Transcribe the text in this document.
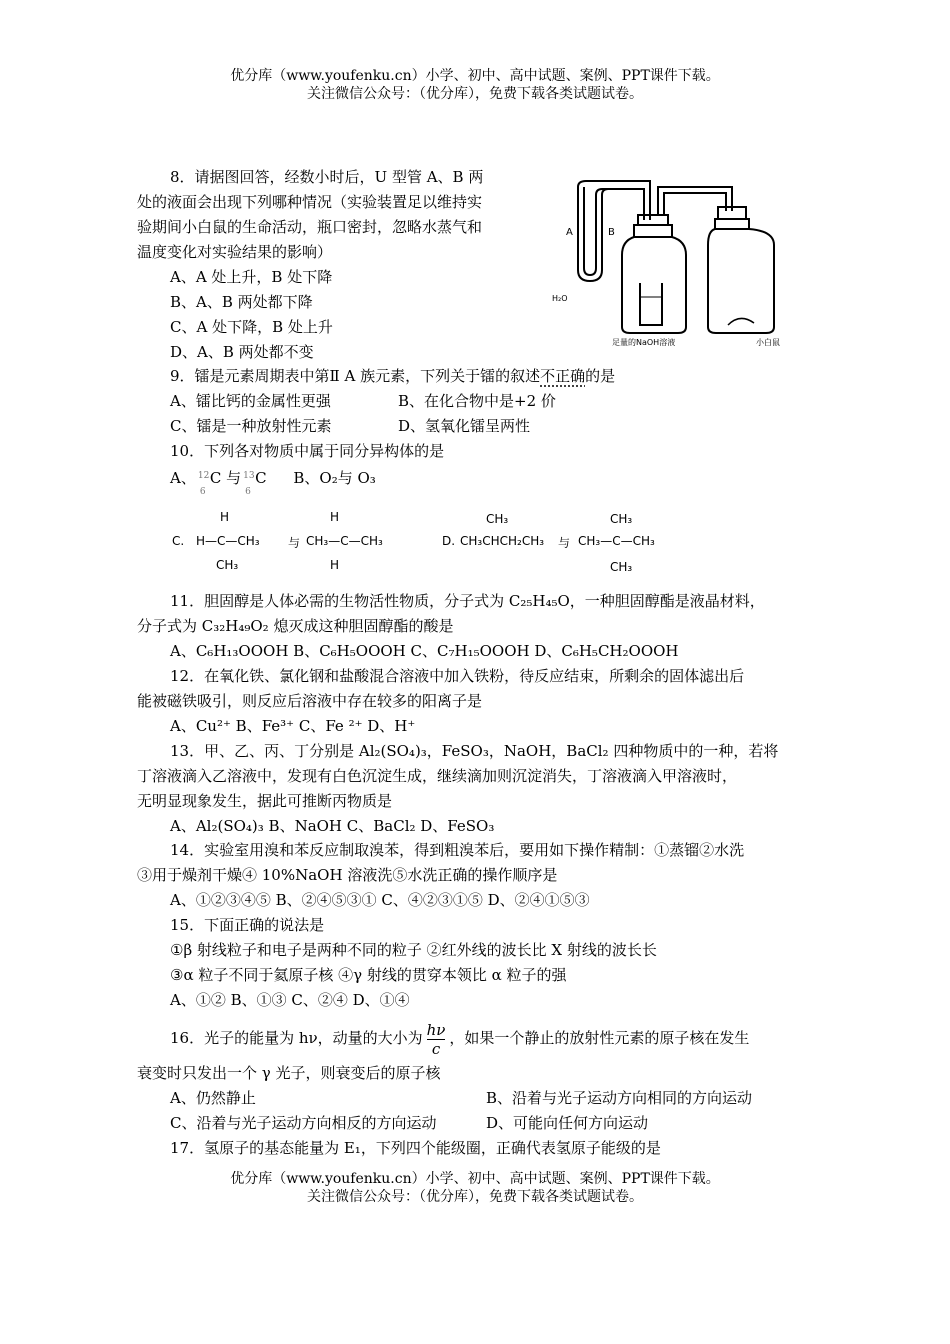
优分库（www.youfenku.cn）小学、初中、高中试题、案例、PPT课件下载。
关注微信公众号：（优分库），免费下载各类试题试卷。
8．请据图回答，经数小时后，U 型管 A、B 两
处的液面会出现下列哪种情况（实验装置足以维持实
验期间小白鼠的生命活动，瓶口密封，忽略水蒸气和
温度变化对实验结果的影响）
A、A 处上升，B 处下降
B、A、B 两处都下降
C、A 处下降，B 处上升
D、A、B 两处都不变
A	B
H₂O
足量的NaOH溶液	小白鼠
9．镭是元素周期表中第Ⅱ A 族元素，下列关于镭的叙述不正确的是
A、镭比钙的金属性更强	B、在化合物中是+2 价
C、镭是一种放射性元素	D、氢氧化镭呈两性
10．下列各对物质中属于同分异构体的是
A、 12
6
C 与 13
6
C B、O₂与 O₃
C.
H
H—C—CH₃
CH₃
与
H
CH₃—C—CH₃
H
D.
CH₃
CH₃CHCH₂CH₃ 与
CH₃
CH₃—C—CH₃
CH₃
11．胆固醇是人体必需的生物活性物质，分子式为 C₂₅H₄₅O，一种胆固醇酯是液晶材料，
分子式为 C₃₂H₄₉O₂ 熄灭成这种胆固醇酯的酸是
A、C₆H₁₃OOOH B、C₆H₅OOOH C、C₇H₁₅OOOH D、C₆H₅CH₂OOOH
12．在氧化铁、氯化钢和盐酸混合溶液中加入铁粉，待反应结束，所剩余的固体滤出后
能被磁铁吸引，则反应后溶液中存在较多的阳离子是
A、Cu²⁺ B、Fe³⁺ C、Fe ²⁺ D、H⁺
13．甲、乙、丙、丁分别是 Al₂(SO₄)₃，FeSO₃，NaOH，BaCl₂ 四种物质中的一种，若将
丁溶液滴入乙溶液中，发现有白色沉淀生成，继续滴加则沉淀消失，丁溶液滴入甲溶液时，
无明显现象发生，据此可推断丙物质是
A、Al₂(SO₄)₃ B、NaOH C、BaCl₂ D、FeSO₃
14．实验室用溴和苯反应制取溴苯，得到粗溴苯后，要用如下操作精制：①蒸镏②水洗
③用于燥剂干燥④ 10%NaOH 溶液洗⑤水洗正确的操作顺序是
A、①②③④⑤ B、②④⑤③① C、④②③①⑤ D、②④①⑤③
15．下面正确的说法是
①β 射线粒子和电子是两种不同的粒子 ②红外线的波长比 X 射线的波长长
③α 粒子不同于氦原子核 ④γ 射线的贯穿本领比 α 粒子的强
A、①② B、①③ C、②④ D、①④
16．光子的能量为 hν，动量的大小为 $\frac{h\nu}{c}$ ，如果一个静止的放射性元素的原子核在发生
衰变时只发出一个 γ 光子，则衰变后的原子核
A、仍然静止	B、沿着与光子运动方向相同的方向运动
C、沿着与光子运动方向相反的方向运动	D、可能向任何方向运动
17．氢原子的基态能量为 E₁，下列四个能级圈，正确代表氢原子能级的是
优分库（www.youfenku.cn）小学、初中、高中试题、案例、PPT课件下载。
关注微信公众号：（优分库），免费下载各类试题试卷。
